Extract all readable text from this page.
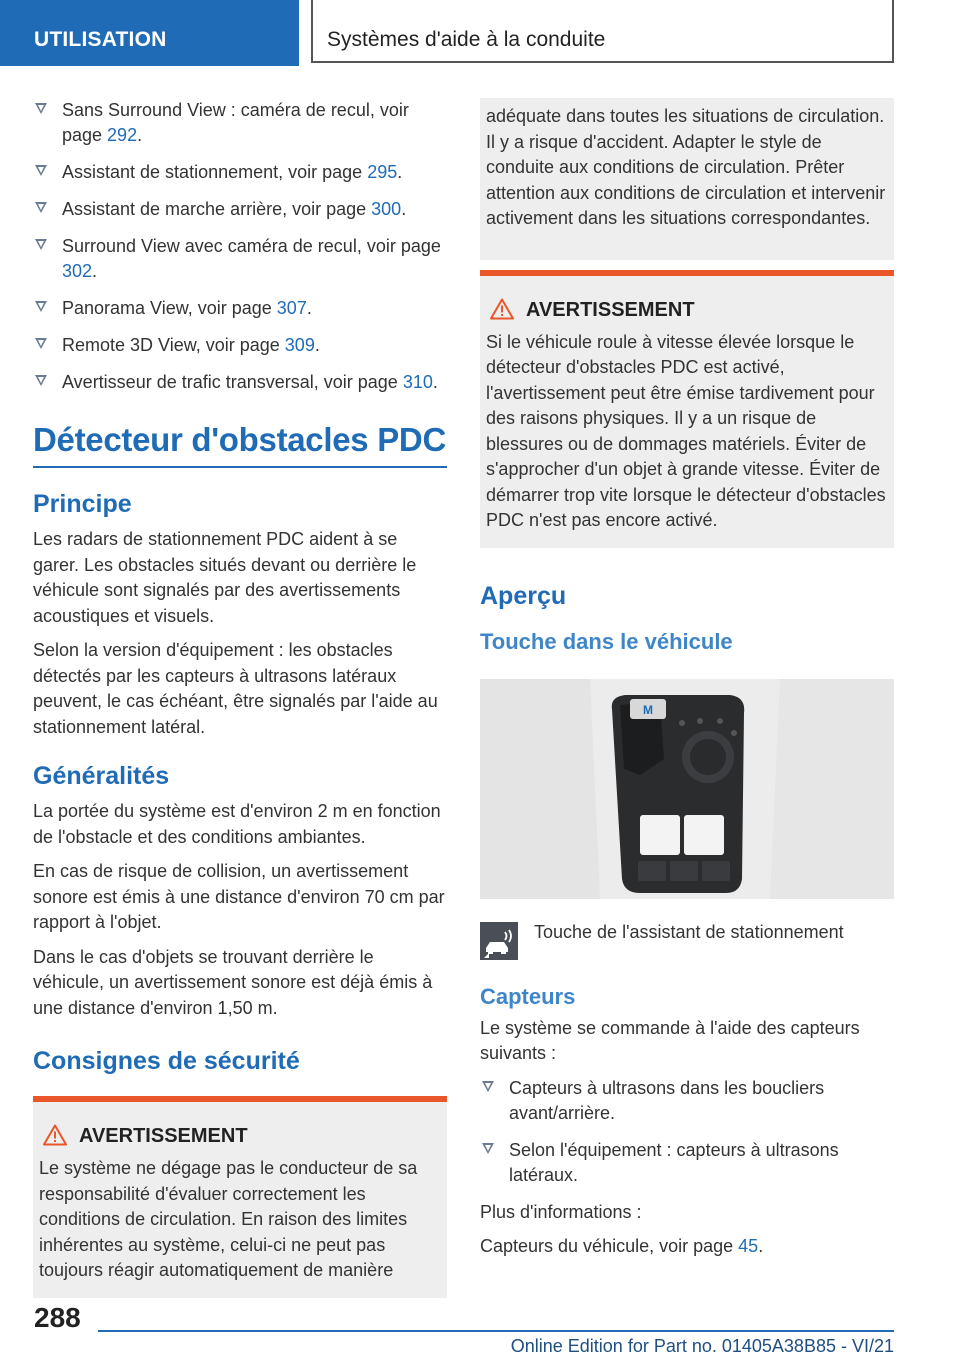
UTILISATION	Systèmes d'aide à la conduite
Sans Surround View : caméra de recul, voir page 292.
Assistant de stationnement, voir page 295.
Assistant de marche arrière, voir page 300.
Surround View avec caméra de recul, voir page 302.
Panorama View, voir page 307.
Remote 3D View, voir page 309.
Avertisseur de trafic transversal, voir page 310.
Détecteur d'obstacles PDC
Principe

Les radars de stationnement PDC aident à se garer. Les obstacles situés devant ou derrière le véhicule sont signalés par des avertissements acoustiques et visuels.

Selon la version d'équipement : les obstacles détectés par les capteurs à ultrasons latéraux peuvent, le cas échéant, être signalés par l'aide au stationnement latéral.

Généralités

La portée du système est d'environ 2 m en fonction de l'obstacle et des conditions ambiantes.

En cas de risque de collision, un avertissement sonore est émis à une distance d'environ 70 cm par rapport à l'objet.

Dans le cas d'objets se trouvant derrière le véhicule, un avertissement sonore est déjà émis à une distance d'environ 1,50 m.

Consignes de sécurité
AVERTISSEMENT

Le système ne dégage pas le conducteur de sa responsabilité d'évaluer correctement les conditions de circulation. En raison des limites inhérentes au système, celui-ci ne peut pas toujours réagir automatiquement de manière

adéquate dans toutes les situations de circulation. Il y a risque d'accident. Adapter le style de conduite aux conditions de circulation. Prêter attention aux conditions de circulation et intervenir activement dans les situations correspondantes.

AVERTISSEMENT

Si le véhicule roule à vitesse élevée lorsque le détecteur d'obstacles PDC est activé, l'avertissement peut être émise tardivement pour des raisons physiques. Il y a un risque de blessures ou de dommages matériels. Éviter de s'approcher d'un objet à grande vitesse. Éviter de démarrer trop vite lorsque le détecteur d'obstacles PDC n'est pas encore activé.

Aperçu
Touche dans le véhicule
M

Touche de l'assistant de stationnement

Capteurs

Le système se commande à l'aide des capteurs suivants :

Capteurs à ultrasons dans les boucliers avant/arrière.
Selon l'équipement : capteurs à ultrasons latéraux.

Plus d'informations :

Capteurs du véhicule, voir page 45.

288
Online Edition for Part no. 01405A38B85 - VI/21
